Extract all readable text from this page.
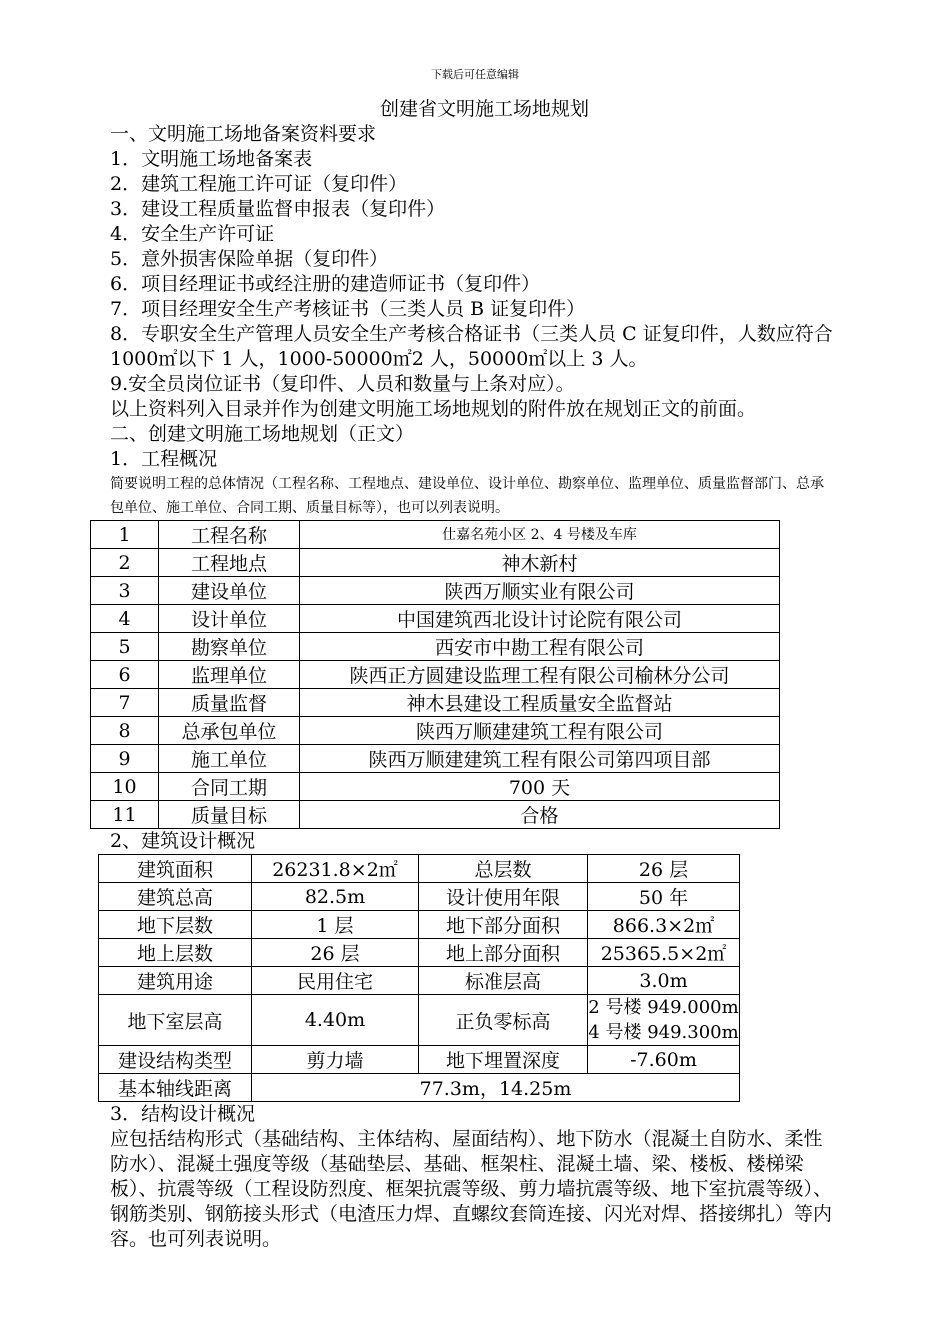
下载后可任意编辑
创建省文明施工场地规划
一、文明施工场地备案资料要求
1．文明施工场地备案表
2．建筑工程施工许可证（复印件）
3．建设工程质量监督申报表（复印件）
4．安全生产许可证
5．意外损害保险单据（复印件）
6．项目经理证书或经注册的建造师证书（复印件）
7．项目经理安全生产考核证书（三类人员 B 证复印件）
8．专职安全生产管理人员安全生产考核合格证书（三类人员 C 证复印件，人数应符合 1000㎡以下 1 人，1000-50000㎡2 人，50000㎡以上 3 人。
9.安全员岗位证书（复印件、人员和数量与上条对应）。
以上资料列入目录并作为创建文明施工场地规划的附件放在规划正文的前面。
二、创建文明施工场地规划（正文）
1．工程概况
简要说明工程的总体情况（工程名称、工程地点、建设单位、设计单位、勘察单位、监理单位、质量监督部门、总承包单位、施工单位、合同工期、质量目标等），也可以列表说明。
1	工程名称	仕嘉名苑小区 2、4 号楼及车库
2	工程地点	神木新村
3	建设单位	陕西万顺实业有限公司
4	设计单位	中国建筑西北设计讨论院有限公司
5	勘察单位	西安市中勘工程有限公司
6	监理单位	陕西正方圆建设监理工程有限公司榆林分公司
7	质量监督	神木县建设工程质量安全监督站
8	总承包单位	陕西万顺建建筑工程有限公司
9	施工单位	陕西万顺建建筑工程有限公司第四项目部
10	合同工期	700 天
11	质量目标	合格
2、建筑设计概况
建筑面积	26231.8×2㎡	总层数	26 层
建筑总高	82.5m	设计使用年限	50 年
地下层数	1 层	地下部分面积	866.3×2㎡
地上层数	26 层	地上部分面积	25365.5×2㎡
建筑用途	民用住宅	标准层高	3.0m
地下室层高	4.40m	正负零标高	2 号楼 949.000m
4 号楼 949.300m

建设结构类型	剪力墙	地下埋置深度	-7.60m
基本轴线距离	77.3m，14.25m		
3．结构设计概况
应包括结构形式（基础结构、主体结构、屋面结构）、地下防水（混凝土自防水、柔性防水）、混凝土强度等级（基础垫层、基础、框架柱、混凝土墙、梁、楼板、楼梯梁板）、抗震等级（工程设防烈度、框架抗震等级、剪力墙抗震等级、地下室抗震等级）、钢筋类别、钢筋接头形式（电渣压力焊、直螺纹套筒连接、闪光对焊、搭接绑扎）等内容。也可列表说明。
